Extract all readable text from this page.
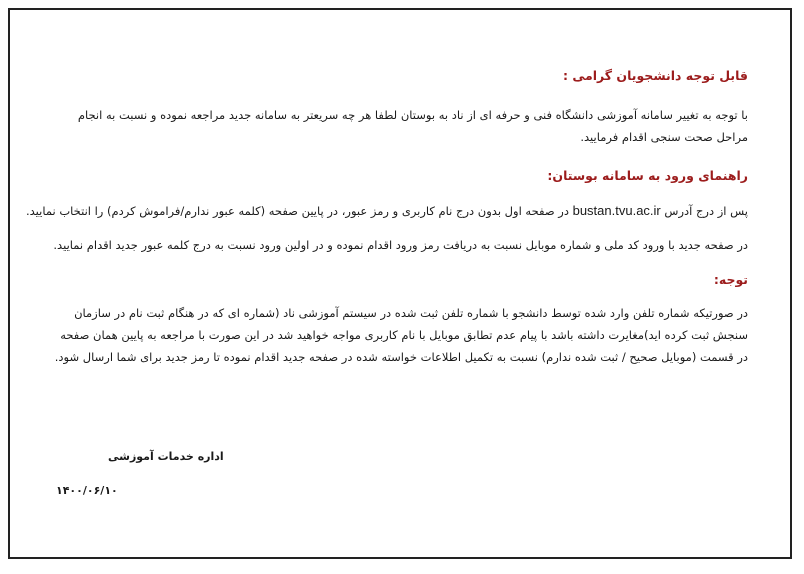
قابل توجه دانشجویان گرامی :
با توجه به تغییر سامانه آموزشی دانشگاه فنی و حرفه ای از ناد به بوستان لطفا هر چه سریعتر به سامانه جدید مراجعه نموده و نسبت به انجام مراحل صحت سنجی اقدام فرمایید.
راهنمای ورود به سامانه بوستان:
پس از درج آدرس bustan.tvu.ac.ir در صفحه اول بدون درج نام کاربری و رمز عبور، در پایین صفحه (کلمه عبور ندارم/فراموش کردم) را انتخاب نمایید.
در صفحه جدید با ورود کد ملی و شماره موبایل نسبت به دریافت رمز ورود اقدام نموده و در اولین ورود نسبت به درج کلمه عبور جدید اقدام نمایید.
توجه:
در صورتیکه شماره تلفن وارد شده توسط دانشجو با شماره تلفن ثبت شده در سیستم آموزشی ناد (شماره ای که در هنگام ثبت نام در سازمان سنجش ثبت کرده اید)مغایرت داشته باشد با پیام عدم تطابق موبایل با نام کاربری مواجه خواهید شد در این صورت با مراجعه به پایین همان صفحه در قسمت (موبایل صحیح / ثبت شده ندارم) نسبت به تکمیل اطلاعات خواسته شده در صفحه جدید اقدام نموده تا رمز جدید برای شما ارسال شود.
اداره خدمات آموزشی
۱۴۰۰/۰۶/۱۰
